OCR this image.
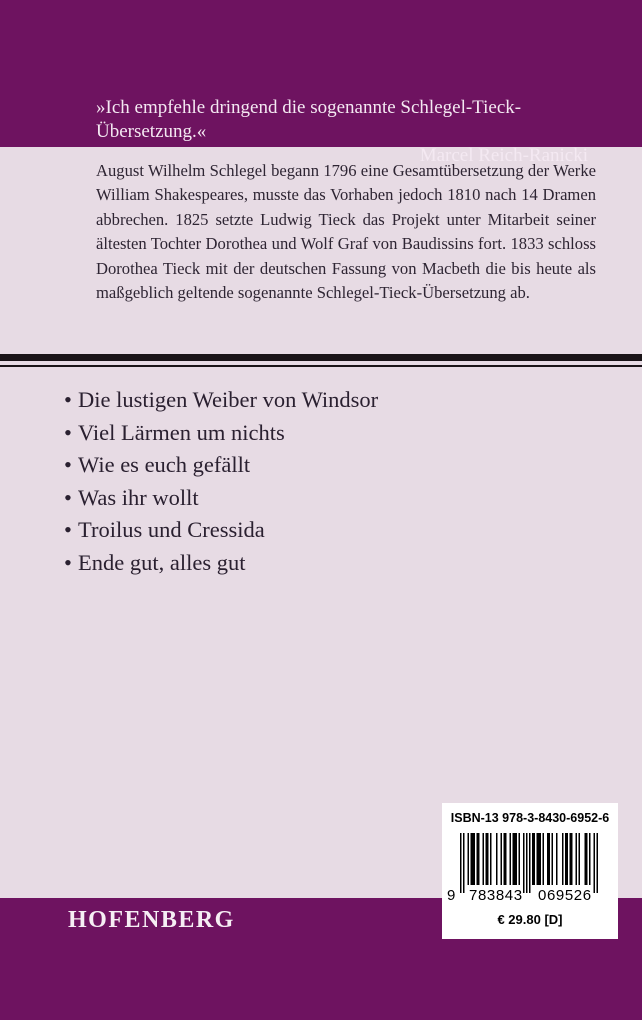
»Ich empfehle dringend die sogenannte Schlegel-Tieck-Übersetzung.«
Marcel Reich-Ranicki

August Wilhelm Schlegel begann 1796 eine Gesamtübersetzung der Werke William Shakespeares, musste das Vorhaben jedoch 1810 nach 14 Dramen abbrechen. 1825 setzte Ludwig Tieck das Projekt unter Mitarbeit seiner ältesten Tochter Dorothea und Wolf Graf von Baudissins fort. 1833 schloss Dorothea Tieck mit der deutschen Fassung von Macbeth die bis heute als maßgeblich geltende sogenannte Schlegel-Tieck-Übersetzung ab.

• Die lustigen Weiber von Windsor
• Viel Lärmen um nichts
• Wie es euch gefällt
• Was ihr wollt
• Troilus und Cressida
• Ende gut, alles gut
HOFENBERG
ISBN-13 978-3-8430-6952-6
9 783843 069526
€ 29.80 [D]
